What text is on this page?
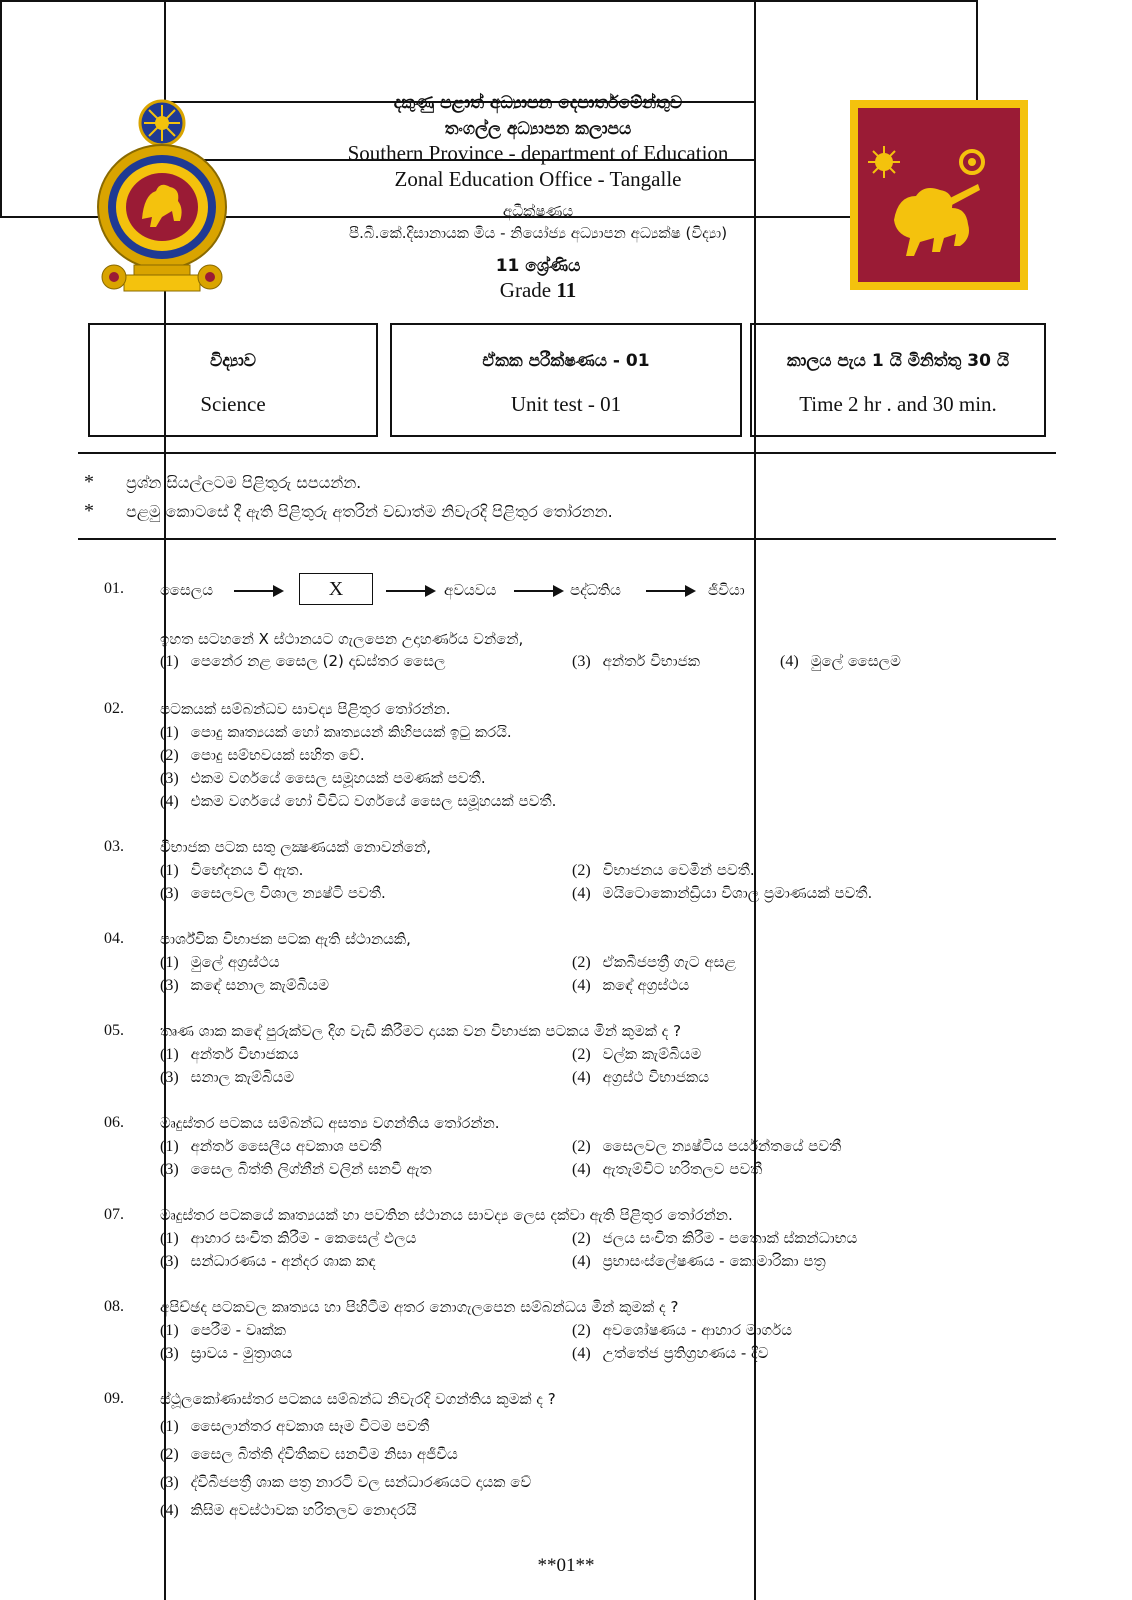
දකුණු පළාත් අධ්‍යාපන දෙපාර්තමේන්තුව
තංගල්ල අධ්‍යාපන කලාපය
Southern Province - department of Education
Zonal Education Office - Tangalle
අධීක්ෂණය
පී.බී.කේ.දිසානායක මිය - නියෝජ්‍ය අධ්‍යාපන අධ්‍යක්ෂ (විද්‍යා)
11 ශ්‍රේණිය
Grade 11
විද්‍යාව
Science
ඒකක පරීක්ෂණය - 01
Unit test - 01
කාලය පැය 1 යි මිනිත්තු 30 යි
Time 2 hr . and 30 min.
* ප්‍රශ්න සියල්ලටම පිළිතුරු සපයන්න.
* පළමු කොටසේ දී ඇති පිළිතුරු අතරින් වඩාත්ම නිවැරදි පිළිතුර තෝරනන.
01. සෛලය	X	අවයවය	පද්ධතිය	ජීවියා
ඉහත සටහනේ X ස්ථානයට ගැලපෙන උදාහර්ණය වන්නේ,
(1) පෙනේර නළ සෛල (2) දෘඩස්තර සෛල	(3) අන්තර් විභාජක	(4) මුලේ සෛලම
02. පටකයක් සම්බන්ධව සාවද්‍ය පිළිතුර තෝරන්න.
(1) පොදු කෘත්‍යයක් හෝ කෘත්‍යයන් කිහිපයක් ඉටු කරයි.
(2) පොදු සම්භවයක් සහිත වේ.
(3) එකම වර්ගයේ සෛල සමූහයක් පමණක් පවතී.
(4) එකම වර්ගයේ හෝ විවිධ වර්ගයේ සෛල සමූහයක් පවතී.
03. විභාජක පටක සතු ලක්‍ෂණයක් නොවන්නේ,
(1) විභේදනය වී ඇත.	(2) විභාජනය වෙමින් පවතී.
(3) සෛලවල විශාල න්‍යෂ්ටි පවතී.	(4) මයිටොකොන්ඩ්‍රියා විශාල ප්‍රමාණයක් පවතී.
04. පාර්ශ්වික විභාජක පටක ඇති ස්ථානයකි,
(1) මුලේ අග්‍රස්ථය	(2) ඒකබීජපත්‍රී ගැට අසළ
(3) කඳේ සනාල කැම්බියම	(4) කඳේ අග්‍රස්ථය
05. තෘණ ශාක කඳේ පුරුක්වල දිග වැඩි කිරීමට දායක වන විභාජක පටකය මින් කුමක් ද ?
(1) අන්තර් විභාජකය	(2) වල්ක කැම්බියම
(3) සනාල කැම්බියම	(4) අග්‍රස්ථ විභාජකය
06. මෘදුස්තර පටකය සම්බන්ධ අසත්‍ය වගන්තිය තෝරන්න.
(1) අන්තර් සෛලීය අවකාශ පවතී	(2) සෛලවල න්‍යෂ්ටිය පර්යන්තයේ පවතී
(3) සෛල බිත්ති ලිග්නීන් වලින් ඝනවී ඇත	(4) ඇතැම්විට හරිතලව පවතී
07. මෘදුස්තර පටකයේ කෘත්‍යයක් හා පවතින ස්ථානය සාවද්‍ය ලෙස දක්වා ඇති පිළිතුර තෝරන්න.
(1) ආහාර සංචිත කිරීම - කෙසෙල් ඵලය	(2) ජලය සංචිත කිරීම - පතොක් ස්කන්ධාභය
(3) සන්ධාරණය - අන්දර ශාක කඳ	(4) ප්‍රභාසංස්ලේෂණය - කොමාරිකා පත්‍ර
08. අපිච්ඡද පටකවල කෘත්‍යය හා පිහිටීම අතර නොගැලපෙන සම්බන්ධය මින් කුමක් ද ?
(1) පෙරීම - වෘක්ක	(2) අවශෝෂණය - ආහාර මාර්ගය
(3) ස්‍රාවය - මුත්‍රාශය	(4) උත්තේජ ප්‍රතිග්‍රහණය - දිව
09. ස්ථූලකෝණාස්තර පටකය සම්බන්ධ නිවැරදි වගන්තිය කුමක් ද ?
(1) සෛලාන්තර අවකාශ සෑම විටම පවතී
(2) සෛල බිත්ති ද්විතීකව ඝනවීම නිසා අජීවීය
(3) ද්විබීජපත්‍රී ශාක පත්‍ර නාරටි වල සන්ධාරණයට දායක වේ
(4) කිසිම අවස්ථාවක හරිතලව නොදරයි
**01**
